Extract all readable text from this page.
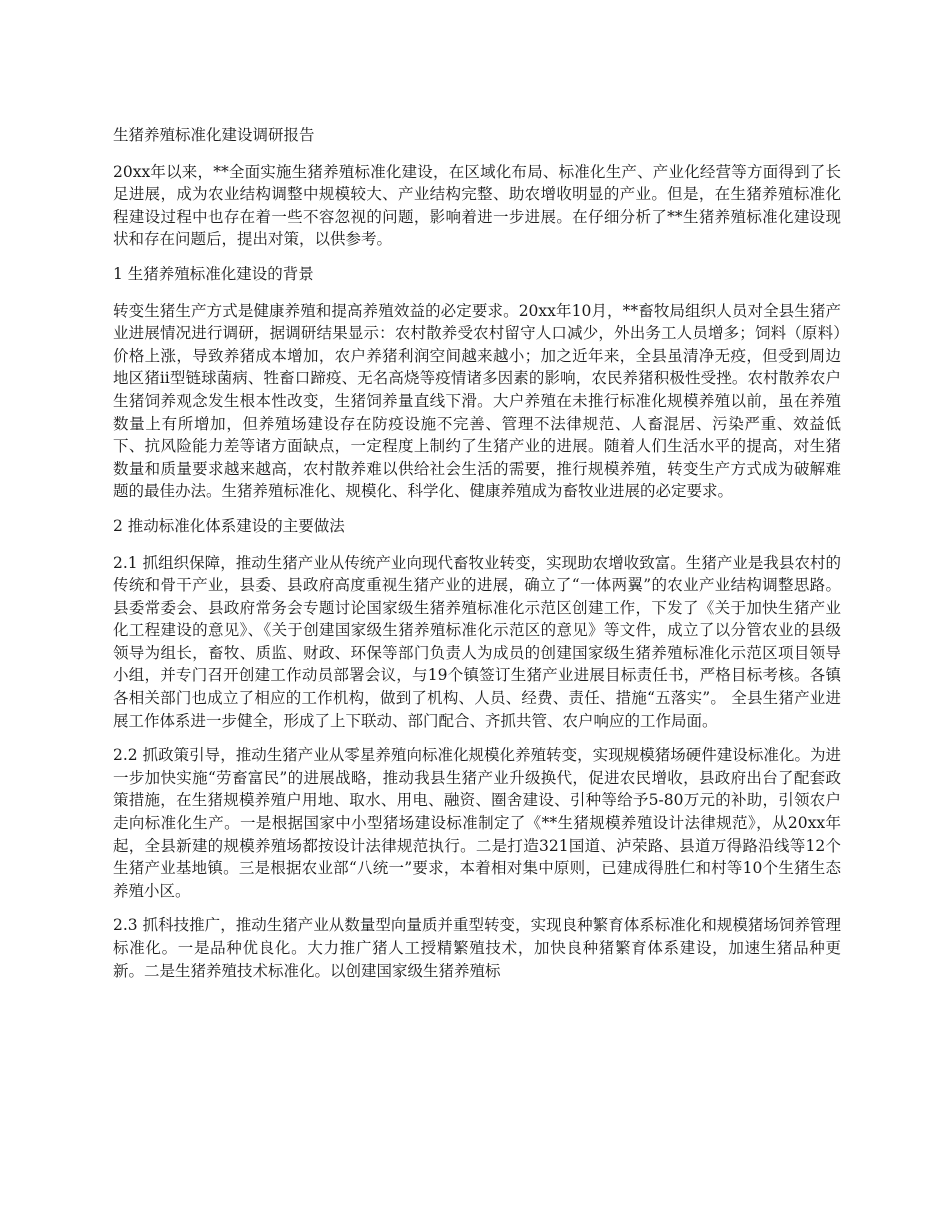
生猪养殖标准化建设调研报告

20xx年以来，**全面实施生猪养殖标准化建设，在区域化布局、标准化生产、产业化经营等方面得到了长足进展，成为农业结构调整中规模较大、产业结构完整、助农增收明显的产业。但是，在生猪养殖标准化程建设过程中也存在着一些不容忽视的问题，影响着进一步进展。在仔细分析了**生猪养殖标准化建设现状和存在问题后，提出对策，以供参考。

1 生猪养殖标准化建设的背景

转变生猪生产方式是健康养殖和提高养殖效益的必定要求。20xx年10月，**畜牧局组织人员对全县生猪产业进展情况进行调研，据调研结果显示：农村散养受农村留守人口减少，外出务工人员增多；饲料（原料）价格上涨，导致养猪成本增加，农户养猪利润空间越来越小；加之近年来，全县虽清净无疫，但受到周边地区猪ii型链球菌病、牲畜口蹄疫、无名高烧等疫情诸多因素的影响，农民养猪积极性受挫。农村散养农户生猪饲养观念发生根本性改变，生猪饲养量直线下滑。大户养殖在未推行标准化规模养殖以前，虽在养殖数量上有所增加，但养殖场建设存在防疫设施不完善、管理不法律规范、人畜混居、污染严重、效益低下、抗风险能力差等诸方面缺点，一定程度上制约了生猪产业的进展。随着人们生活水平的提高，对生猪数量和质量要求越来越高，农村散养难以供给社会生活的需要，推行规模养殖，转变生产方式成为破解难题的最佳办法。生猪养殖标准化、规模化、科学化、健康养殖成为畜牧业进展的必定要求。

2 推动标准化体系建设的主要做法

2.1 抓组织保障，推动生猪产业从传统产业向现代畜牧业转变，实现助农增收致富。生猪产业是我县农村的传统和骨干产业，县委、县政府高度重视生猪产业的进展，确立了“一体两翼”的农业产业结构调整思路。县委常委会、县政府常务会专题讨论国家级生猪养殖标准化示范区创建工作，下发了《关于加快生猪产业化工程建设的意见》、《关于创建国家级生猪养殖标准化示范区的意见》等文件，成立了以分管农业的县级领导为组长，畜牧、质监、财政、环保等部门负责人为成员的创建国家级生猪养殖标准化示范区项目领导小组，并专门召开创建工作动员部署会议，与19个镇签订生猪产业进展目标责任书，严格目标考核。各镇各相关部门也成立了相应的工作机构，做到了机构、人员、经费、责任、措施“五落实”。 全县生猪产业进展工作体系进一步健全，形成了上下联动、部门配合、齐抓共管、农户响应的工作局面。

2.2 抓政策引导，推动生猪产业从零星养殖向标准化规模化养殖转变，实现规模猪场硬件建设标准化。为进一步加快实施“劳畜富民”的进展战略，推动我县生猪产业升级换代，促进农民增收，县政府出台了配套政策措施，在生猪规模养殖户用地、取水、用电、融资、圈舍建设、引种等给予5-80万元的补助，引领农户走向标准化生产。一是根据国家中小型猪场建设标准制定了《**生猪规模养殖设计法律规范》，从20xx年起，全县新建的规模养殖场都按设计法律规范执行。二是打造321国道、泸荣路、县道万得路沿线等12个生猪产业基地镇。三是根据农业部“八统一”要求，本着相对集中原则，已建成得胜仁和村等10个生猪生态养殖小区。

2.3 抓科技推广，推动生猪产业从数量型向量质并重型转变，实现良种繁育体系标准化和规模猪场饲养管理标准化。一是品种优良化。大力推广猪人工授精繁殖技术，加快良种猪繁育体系建设，加速生猪品种更新。二是生猪养殖技术标准化。以创建国家级生猪养殖标
